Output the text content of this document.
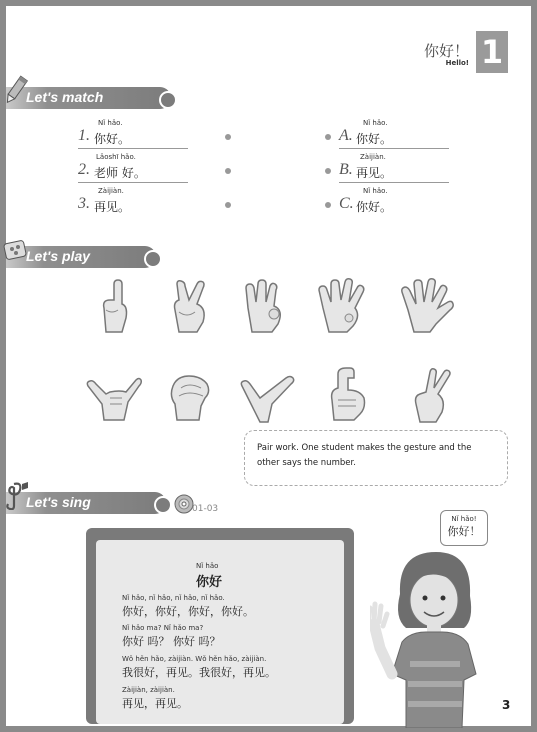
你好！
Hello! 1
Let's match
Nǐ hǎo.
1. 你好。
Lǎoshī hǎo.
2. 老师 好。
Zàijiàn.
3. 再见。
Nǐ hǎo.
A. 你好。
Zàijiàn.
B. 再见。
Nǐ hǎo.
C. 你好。
Let's play
Pair work. One student makes the gesture and the other says the number.
Let's sing	01-03
Nǐ hǎo
你好
Nǐ hǎo, nǐ hǎo, nǐ hǎo, nǐ hǎo.
你好，你好，你好，你好。
Nǐ hǎo ma? Nǐ hǎo ma?
你好 吗？ 你好 吗？
Wǒ hěn hǎo, zàijiàn. Wǒ hěn hǎo, zàijiàn.
我很好，再见。我很好，再见。
Zàijiàn, zàijiàn.
再见，再见。
Nǐ hǎo!
你好！
3
